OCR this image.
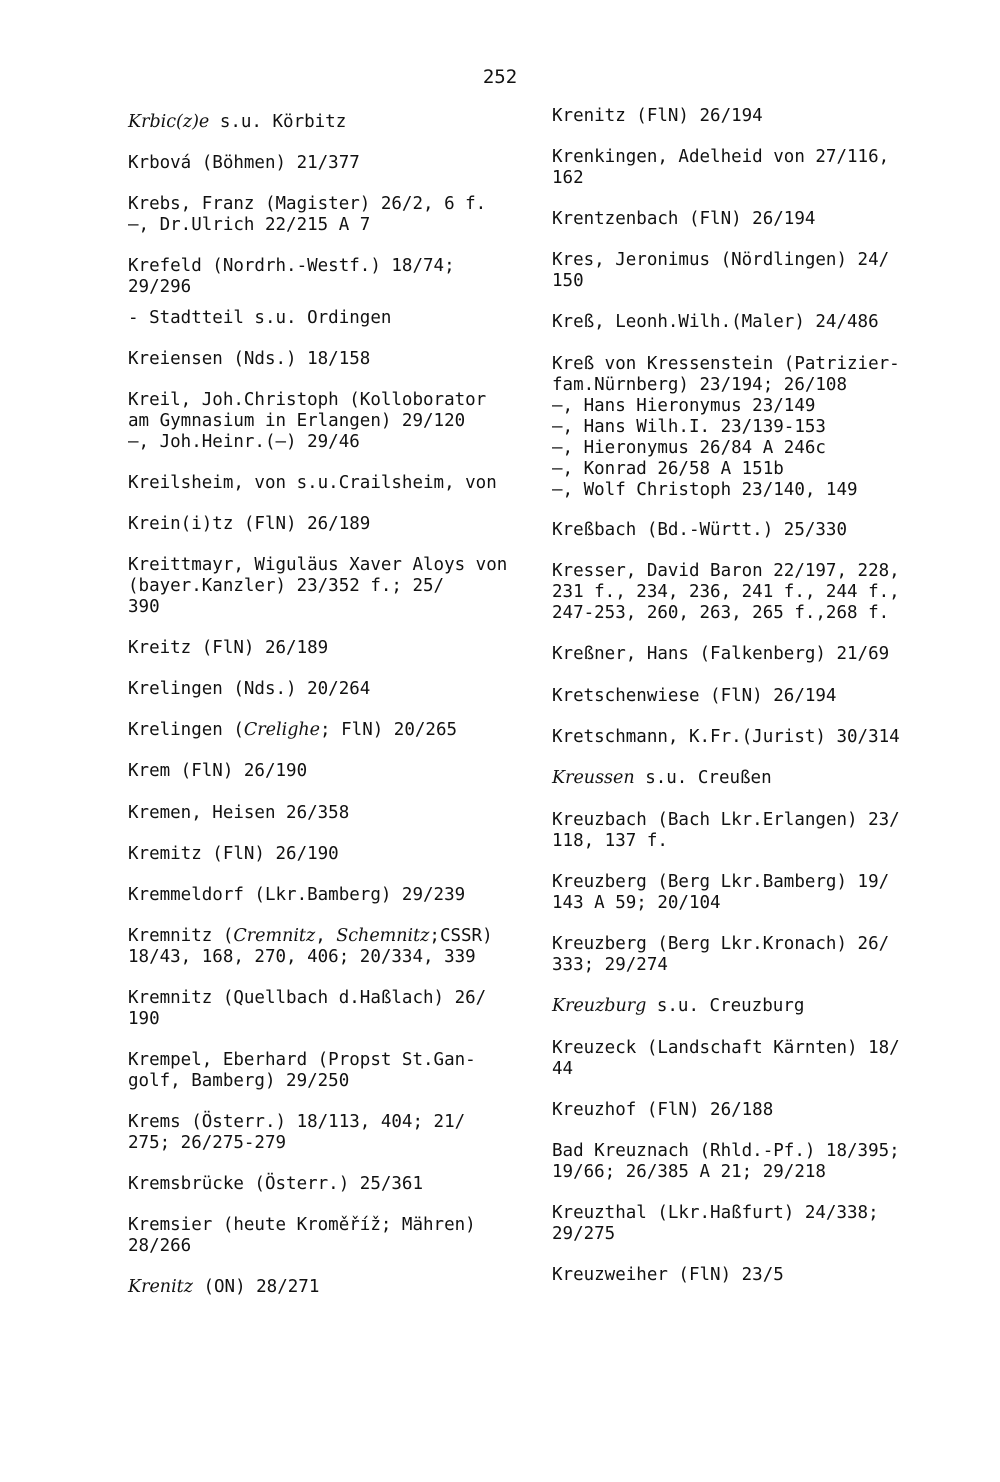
252
Krbic(z)e s.u. Körbitz
Krbová (Böhmen) 21/377
Krebs, Franz (Magister) 26/2, 6 f.
—, Dr.Ulrich 22/215 A 7
Krefeld (Nordrh.-Westf.) 18/74;
29/296
- Stadtteil s.u. Ordingen
Kreiensen (Nds.) 18/158
Kreil, Joh.Christoph (Kolloborator
am Gymnasium in Erlangen) 29/120
—, Joh.Heinr.(—) 29/46
Kreilsheim, von s.u.Crailsheim, von
Krein(i)tz (FlN) 26/189
Kreittmayr, Wiguläus Xaver Aloys von
(bayer.Kanzler) 23/352 f.; 25/
390
Kreitz (FlN) 26/189
Krelingen (Nds.) 20/264
Krelingen (Crelighe; FlN) 20/265
Krem (FlN) 26/190
Kremen, Heisen 26/358
Kremitz (FlN) 26/190
Kremmeldorf (Lkr.Bamberg) 29/239
Kremnitz (Cremnitz, Schemnitz;CSSR)
18/43, 168, 270, 406; 20/334, 339
Kremnitz (Quellbach d.Haßlach) 26/
190
Krempel, Eberhard (Propst St.Gan-
golf, Bamberg) 29/250
Krems (Österr.) 18/113, 404; 21/
275; 26/275-279
Kremsbrücke (Österr.) 25/361
Kremsier (heute Kroměříž; Mähren)
28/266
Krenitz (ON) 28/271
Krenitz (FlN) 26/194
Krenkingen, Adelheid von 27/116,
162
Krentzenbach (FlN) 26/194
Kres, Jeronimus (Nördlingen) 24/
150
Kreß, Leonh.Wilh.(Maler) 24/486
Kreß von Kressenstein (Patrizier-
fam.Nürnberg) 23/194; 26/108
—, Hans Hieronymus 23/149
—, Hans Wilh.I. 23/139-153
—, Hieronymus 26/84 A 246c
—, Konrad 26/58 A 151b
—, Wolf Christoph 23/140, 149
Kreßbach (Bd.-Württ.) 25/330
Kresser, David Baron 22/197, 228,
231 f., 234, 236, 241 f., 244 f.,
247-253, 260, 263, 265 f.,268 f.
Kreßner, Hans (Falkenberg) 21/69
Kretschenwiese (FlN) 26/194
Kretschmann, K.Fr.(Jurist) 30/314
Kreussen s.u. Creußen
Kreuzbach (Bach Lkr.Erlangen) 23/
118, 137 f.
Kreuzberg (Berg Lkr.Bamberg) 19/
143 A 59; 20/104
Kreuzberg (Berg Lkr.Kronach) 26/
333; 29/274
Kreuzburg s.u. Creuzburg
Kreuzeck (Landschaft Kärnten) 18/
44
Kreuzhof (FlN) 26/188
Bad Kreuznach (Rhld.-Pf.) 18/395;
19/66; 26/385 A 21; 29/218
Kreuzthal (Lkr.Haßfurt) 24/338;
29/275
Kreuzweiher (FlN) 23/5
